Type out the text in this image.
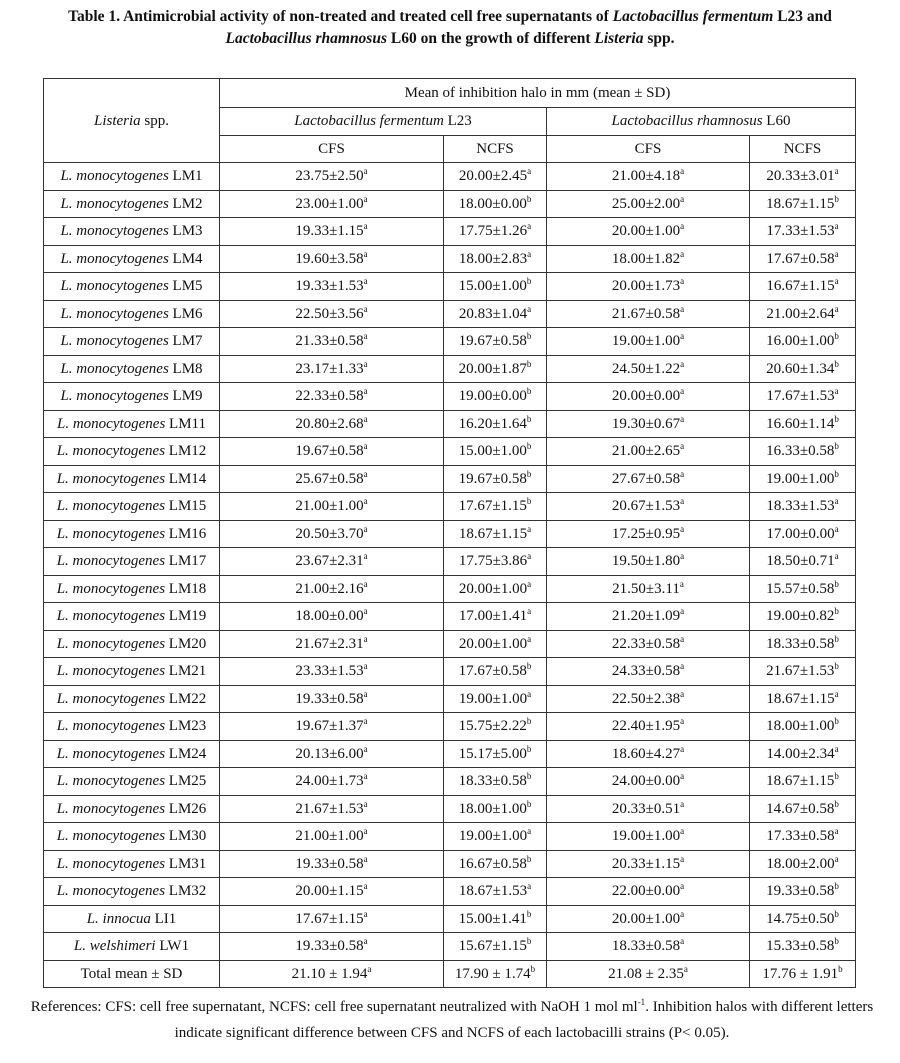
Table 1. Antimicrobial activity of non-treated and treated cell free supernatants of Lactobacillus fermentum L23 and
Lactobacillus rhamnosus L60 on the growth of different Listeria spp.
Listeria spp.	Mean of inhibition halo in mm (mean ± SD)			
	Lactobacillus fermentum L23		Lactobacillus rhamnosus L60	
	CFS	NCFS	CFS	NCFS
L. monocytogenes LM1	23.75±2.50$^a$	20.00±2.45$^a$	21.00±4.18$^a$	20.33±3.01$^a$
L. monocytogenes LM2	23.00±1.00$^a$	18.00±0.00$^b$	25.00±2.00$^a$	18.67±1.15$^b$
L. monocytogenes LM3	19.33±1.15$^a$	17.75±1.26$^a$	20.00±1.00$^a$	17.33±1.53$^a$
L. monocytogenes LM4	19.60±3.58$^a$	18.00±2.83$^a$	18.00±1.82$^a$	17.67±0.58$^a$
L. monocytogenes LM5	19.33±1.53$^a$	15.00±1.00$^b$	20.00±1.73$^a$	16.67±1.15$^a$
L. monocytogenes LM6	22.50±3.56$^a$	20.83±1.04$^a$	21.67±0.58$^a$	21.00±2.64$^a$
L. monocytogenes LM7	21.33±0.58$^a$	19.67±0.58$^b$	19.00±1.00$^a$	16.00±1.00$^b$
L. monocytogenes LM8	23.17±1.33$^a$	20.00±1.87$^b$	24.50±1.22$^a$	20.60±1.34$^b$
L. monocytogenes LM9	22.33±0.58$^a$	19.00±0.00$^b$	20.00±0.00$^a$	17.67±1.53$^a$
L. monocytogenes LM11	20.80±2.68$^a$	16.20±1.64$^b$	19.30±0.67$^a$	16.60±1.14$^b$
L. monocytogenes LM12	19.67±0.58$^a$	15.00±1.00$^b$	21.00±2.65$^a$	16.33±0.58$^b$
L. monocytogenes LM14	25.67±0.58$^a$	19.67±0.58$^b$	27.67±0.58$^a$	19.00±1.00$^b$
L. monocytogenes LM15	21.00±1.00$^a$	17.67±1.15$^b$	20.67±1.53$^a$	18.33±1.53$^a$
L. monocytogenes LM16	20.50±3.70$^a$	18.67±1.15$^a$	17.25±0.95$^a$	17.00±0.00$^a$
L. monocytogenes LM17	23.67±2.31$^a$	17.75±3.86$^a$	19.50±1.80$^a$	18.50±0.71$^a$
L. monocytogenes LM18	21.00±2.16$^a$	20.00±1.00$^a$	21.50±3.11$^a$	15.57±0.58$^b$
L. monocytogenes LM19	18.00±0.00$^a$	17.00±1.41$^a$	21.20±1.09$^a$	19.00±0.82$^b$
L. monocytogenes LM20	21.67±2.31$^a$	20.00±1.00$^a$	22.33±0.58$^a$	18.33±0.58$^b$
L. monocytogenes LM21	23.33±1.53$^a$	17.67±0.58$^b$	24.33±0.58$^a$	21.67±1.53$^b$
L. monocytogenes LM22	19.33±0.58$^a$	19.00±1.00$^a$	22.50±2.38$^a$	18.67±1.15$^a$
L. monocytogenes LM23	19.67±1.37$^a$	15.75±2.22$^b$	22.40±1.95$^a$	18.00±1.00$^b$
L. monocytogenes LM24	20.13±6.00$^a$	15.17±5.00$^b$	18.60±4.27$^a$	14.00±2.34$^a$
L. monocytogenes LM25	24.00±1.73$^a$	18.33±0.58$^b$	24.00±0.00$^a$	18.67±1.15$^b$
L. monocytogenes LM26	21.67±1.53$^a$	18.00±1.00$^b$	20.33±0.51$^a$	14.67±0.58$^b$
L. monocytogenes LM30	21.00±1.00$^a$	19.00±1.00$^a$	19.00±1.00$^a$	17.33±0.58$^a$
L. monocytogenes LM31	19.33±0.58$^a$	16.67±0.58$^b$	20.33±1.15$^a$	18.00±2.00$^a$
L. monocytogenes LM32	20.00±1.15$^a$	18.67±1.53$^a$	22.00±0.00$^a$	19.33±0.58$^b$
L. innocua LI1	17.67±1.15$^a$	15.00±1.41$^b$	20.00±1.00$^a$	14.75±0.50$^b$
L. welshimeri LW1	19.33±0.58$^a$	15.67±1.15$^b$	18.33±0.58$^a$	15.33±0.58$^b$
Total mean ± SD	21.10 ± 1.94$^a$	17.90 ± 1.74$^b$	21.08 ± 2.35$^a$	17.76 ± 1.91$^b$
References: CFS: cell free supernatant, NCFS: cell free supernatant neutralized with NaOH 1 mol $ml^{-1}$. Inhibition halos with different letters indicate significant difference between CFS and NCFS of each lactobacilli strains (P< 0.05).
